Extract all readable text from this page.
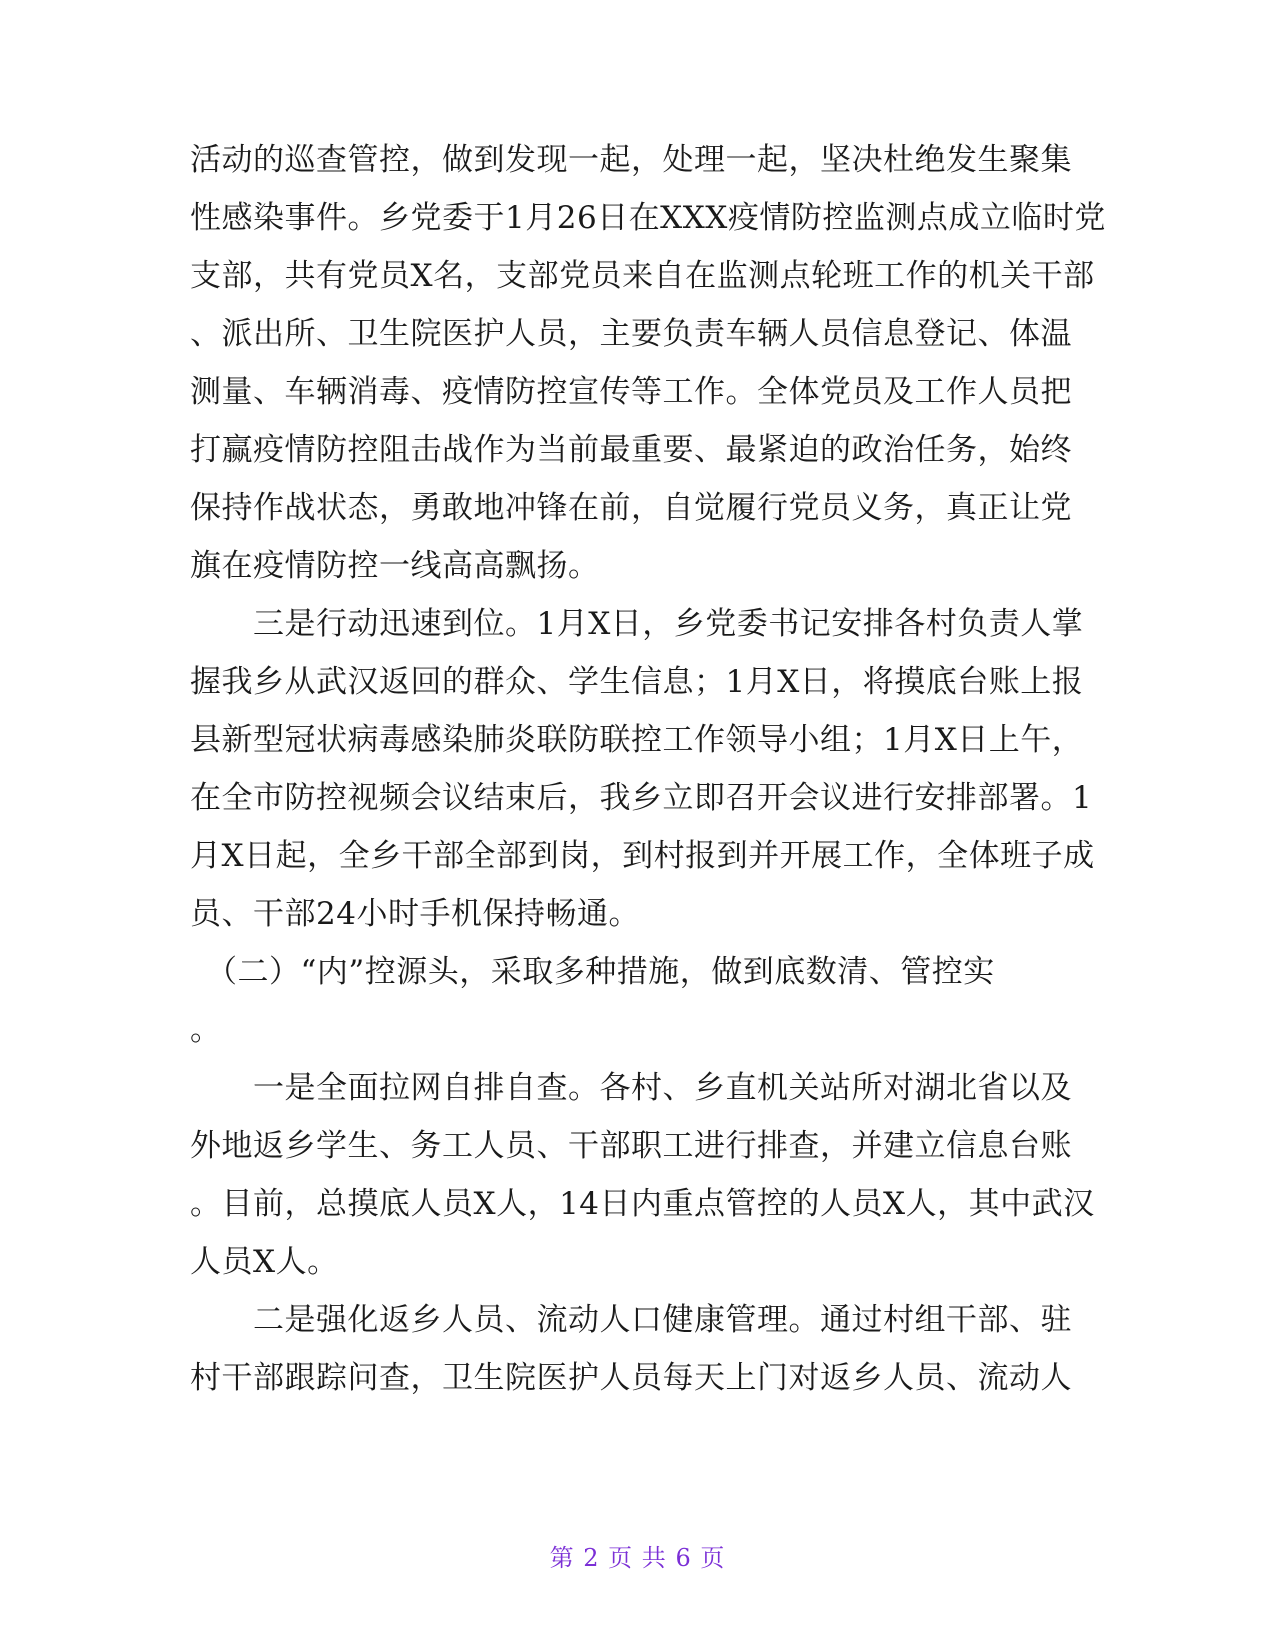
活动的巡查管控，做到发现一起，处理一起，坚决杜绝发生聚集
性感染事件。乡党委于1月26日在XXX疫情防控监测点成立临时党
支部，共有党员X名，支部党员来自在监测点轮班工作的机关干部
、派出所、卫生院医护人员，主要负责车辆人员信息登记、体温
测量、车辆消毒、疫情防控宣传等工作。全体党员及工作人员把
打赢疫情防控阻击战作为当前最重要、最紧迫的政治任务，始终
保持作战状态，勇敢地冲锋在前，自觉履行党员义务，真正让党
旗在疫情防控一线高高飘扬。
　　三是行动迅速到位。1月X日，乡党委书记安排各村负责人掌
握我乡从武汉返回的群众、学生信息；1月X日，将摸底台账上报
县新型冠状病毒感染肺炎联防联控工作领导小组；1月X日上午，
在全市防控视频会议结束后，我乡立即召开会议进行安排部署。1
月X日起，全乡干部全部到岗，到村报到并开展工作，全体班子成
员、干部24小时手机保持畅通。
　（二）“内”控源头，采取多种措施，做到底数清、管控实
。
　　一是全面拉网自排自查。各村、乡直机关站所对湖北省以及
外地返乡学生、务工人员、干部职工进行排查，并建立信息台账
。目前，总摸底人员X人，14日内重点管控的人员X人，其中武汉
人员X人。
　　二是强化返乡人员、流动人口健康管理。通过村组干部、驻
村干部跟踪问查，卫生院医护人员每天上门对返乡人员、流动人
第 2 页 共 6 页
